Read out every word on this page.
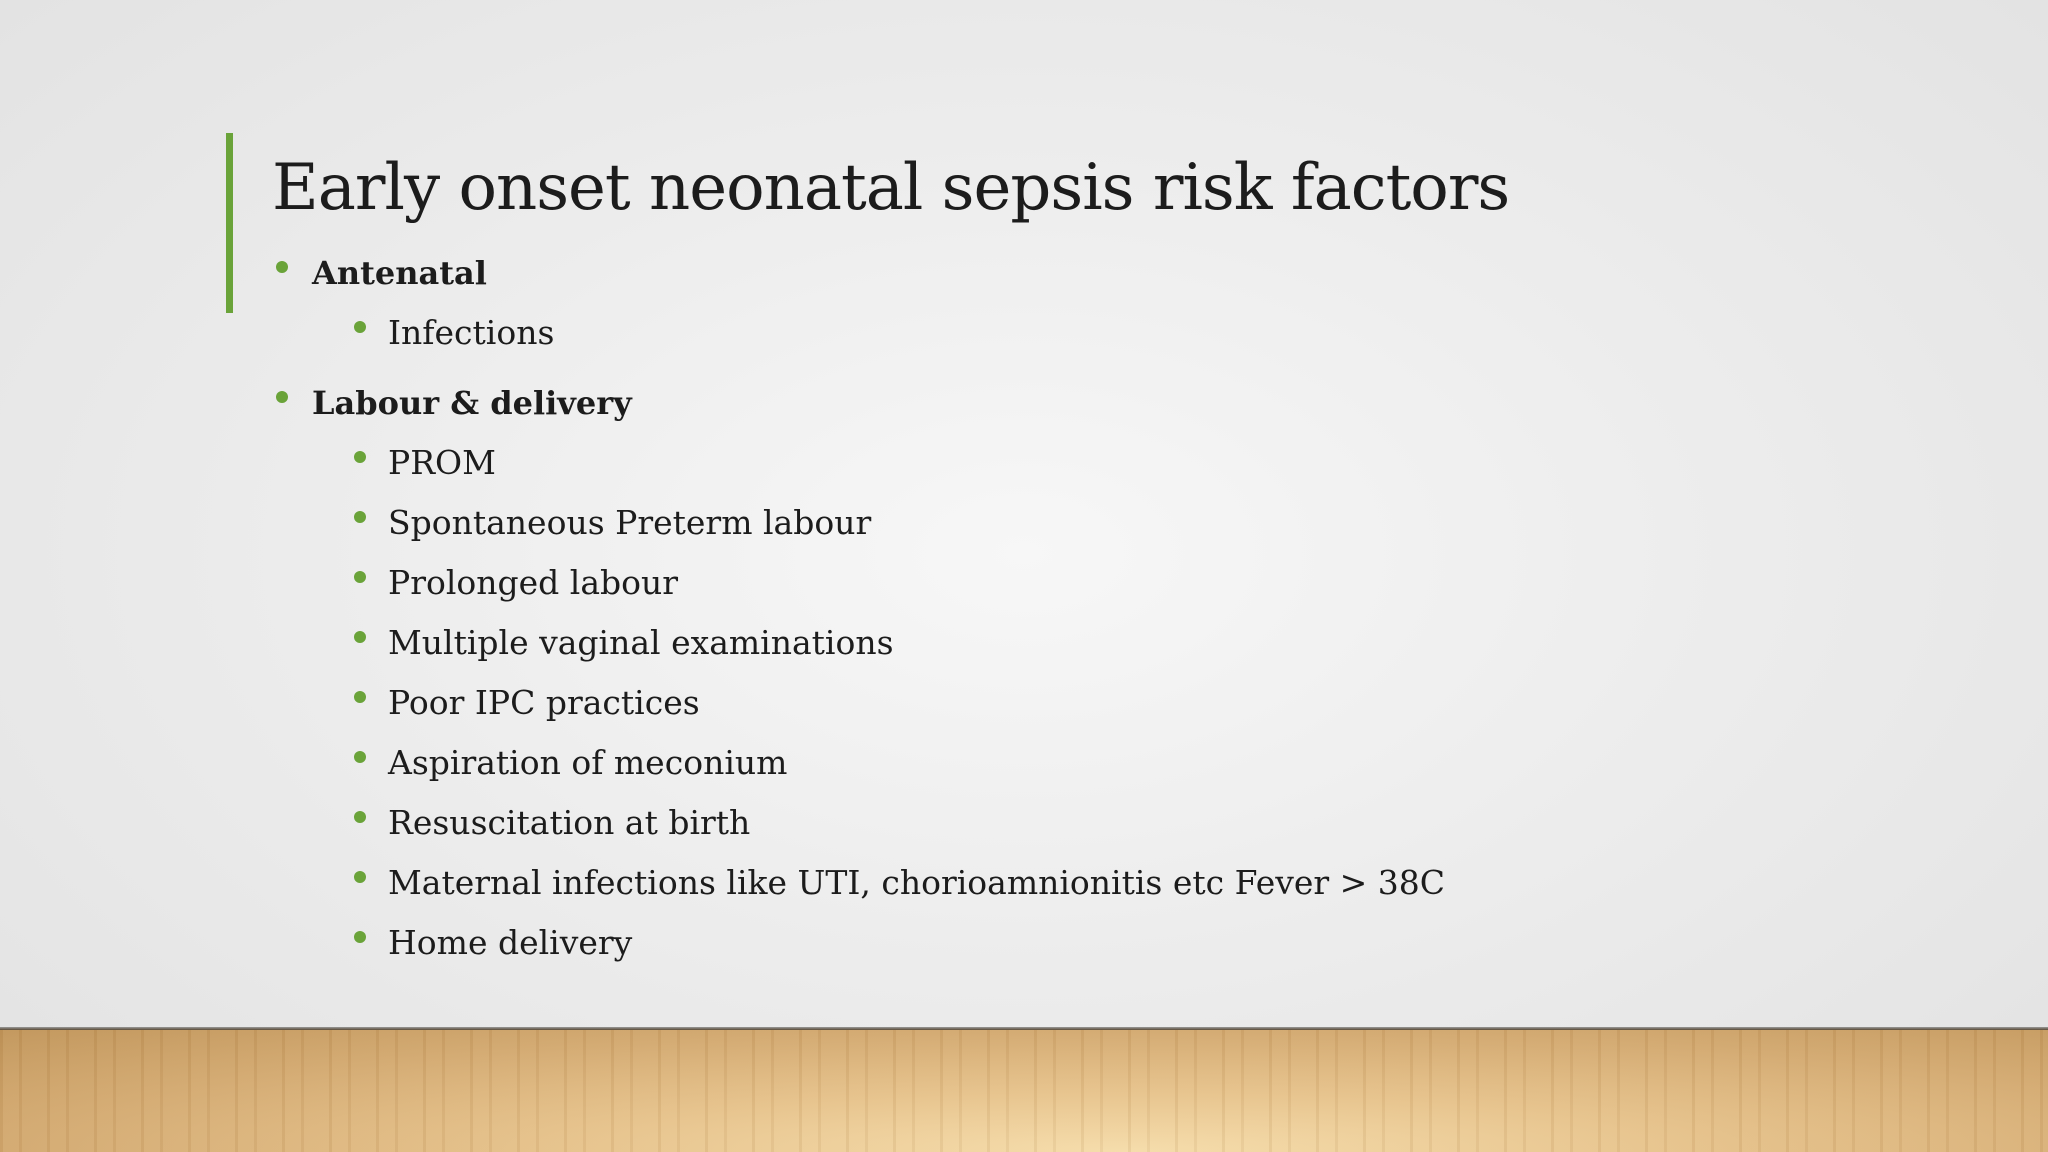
Early onset neonatal sepsis risk factors
Antenatal
Infections
Labour & delivery
PROM
Spontaneous Preterm labour
Prolonged labour
Multiple vaginal examinations
Poor IPC practices
Aspiration of meconium
Resuscitation at birth
Maternal infections like UTI, chorioamnionitis etc Fever > 38C
Home delivery
